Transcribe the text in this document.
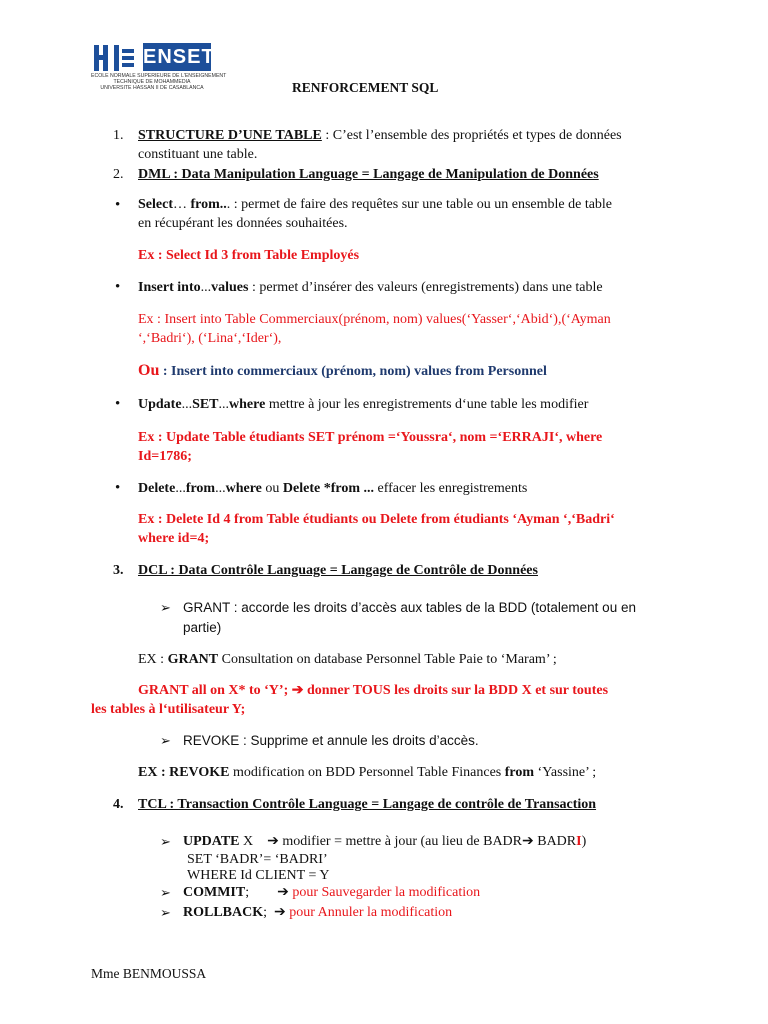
ENSET
ECOLE NORMALE SUPERIEURE DE L'ENSEIGNEMENT
TECHNIQUE DE MOHAMMEDIA
UNIVERSITE HASSAN II DE CASABLANCA	RENFORCEMENT SQL
1. STRUCTURE D’UNE TABLE : C’est l’ensemble des propriétés et types de données
constituant une table.
2. DML : Data Manipulation Language = Langage de Manipulation de Données
• Select… from... : permet de faire des requêtes sur une table ou un ensemble de table
en récupérant les données souhaitées.
Ex : Select Id 3 from Table Employés
• Insert into...values : permet d’insérer des valeurs (enregistrements) dans une table
Ex : Insert into Table Commerciaux(prénom, nom) values(‘Yasser‘,‘Abid‘),(‘Ayman
‘,‘Badri‘), (‘Lina‘,‘Ider‘),
Ou : Insert into commerciaux (prénom, nom) values from Personnel
• Update...SET...where mettre à jour les enregistrements d‘une table les modifier
Ex : Update Table étudiants SET prénom =‘Youssra‘, nom =‘ERRAJI‘, where
Id=1786;
• Delete...from...where ou Delete *from ... effacer les enregistrements
Ex : Delete Id 4 from Table étudiants ou Delete from étudiants ‘Ayman ‘,‘Badri‘
where id=4;
3. DCL : Data Contrôle Language = Langage de Contrôle de Données
➢ GRANT : accorde les droits d’accès aux tables de la BDD (totalement ou en
partie)
EX : GRANT Consultation on database Personnel Table Paie to ‘Maram’ ;
GRANT all on X* to ‘Y’; ➔ donner TOUS les droits sur la BDD X et sur toutes
les tables à l‘utilisateur Y;
➢ REVOKE : Supprime et annule les droits d’accès.
EX : REVOKE modification on BDD Personnel Table Finances from ‘Yassine’ ;
4. TCL : Transaction Contrôle Language = Langage de contrôle de Transaction
➢ UPDATE X ➔ modifier = mettre à jour (au lieu de BADR➔ BADRI)
SET ‘BADR’= ‘BADRI’
WHERE Id CLIENT = Y
➢ COMMIT; ➔ pour Sauvegarder la modification
➢ ROLLBACK; ➔ pour Annuler la modification
Mme BENMOUSSA
